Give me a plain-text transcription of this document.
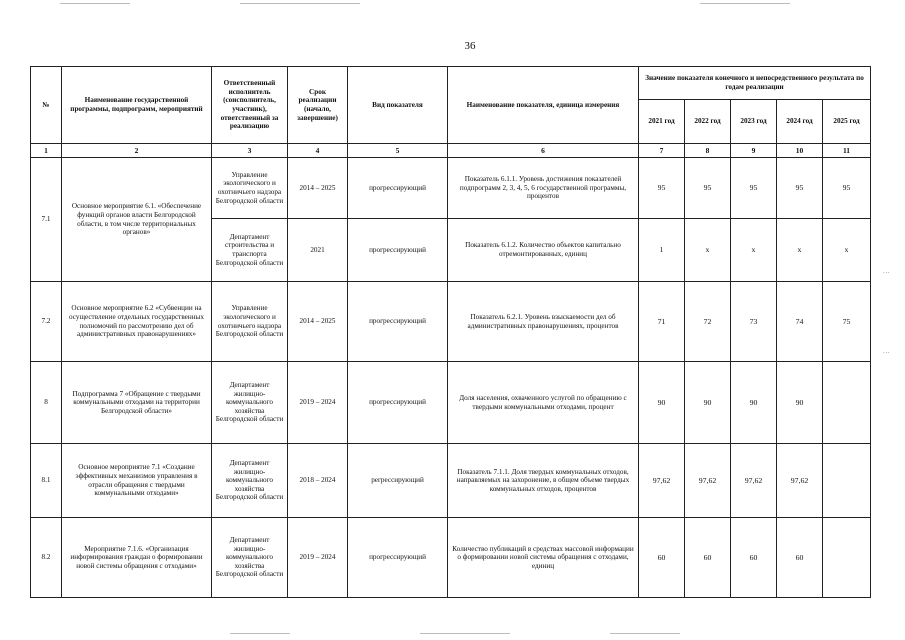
36
№	Наименование государственной программы, подпрограмм, мероприятий	Ответственный исполнитель (соисполнитель, участник), ответственный за реализацию	Срок реализации (начало, завершение)	Вид показателя	Наименование показателя, единица измерения	Значение показателя конечного и непосредственного результата по годам реализации				
						2021 год	2022 год	2023 год	2024 год	2025 год
1	2	3	4	5	6	7	8	9	10	11
7.1	Основное мероприятие 6.1. «Обеспечение функций органов власти Белгородской области, в том числе территориальных органов»	Управление экологического и охотничьего надзора Белгородской области	2014 – 2025	прогрессирующий	Показатель 6.1.1. Уровень достижения показателей подпрограмм 2, 3, 4, 5, 6 государственной программы, процентов	95	95	95	95	95
		Департамент строительства и транспорта Белгородской области	2021	прогрессирующий	Показатель 6.1.2. Количество объектов капитально отремонтированных, единиц	1	х	х	х	х
7.2	Основное мероприятие 6.2 «Субвенции на осуществление отдельных государственных полномочий по рассмотрению дел об административных правонарушениях»	Управление экологического и охотничьего надзора Белгородской области	2014 – 2025	прогрессирующий	Показатель 6.2.1. Уровень взыскаемости дел об административных правонарушениях, процентов	71	72	73	74	75
8	Подпрограмма 7 «Обращение с твердыми коммунальными отходами на территории Белгородской области»	Департамент жилищно-коммунального хозяйства Белгородской области	2019 – 2024	прогрессирующий	Доля населения, охваченного услугой по обращению с твердыми коммунальными отходами, процент	90	90	90	90	
8.1	Основное мероприятие 7.1 «Создание эффективных механизмов управления в отрасли обращения с твердыми коммунальными отходами»	Департамент жилищно-коммунального хозяйства Белгородской области	2018 – 2024	регрессирующий	Показатель 7.1.1. Доля твердых коммунальных отходов, направляемых на захоронение, в общем объеме твердых коммунальных отходов, процентов	97,62	97,62	97,62	97,62	
8.2	Мероприятие 7.1.6. «Организация информирования граждан о формировании новой системы обращения с отходами»	Департамент жилищно-коммунального хозяйства Белгородской области	2019 – 2024	прогрессирующий	Количество публикаций в средствах массовой информации о формировании новой системы обращения с отходами, единиц	60	60	60	60	
⋮
⋮
